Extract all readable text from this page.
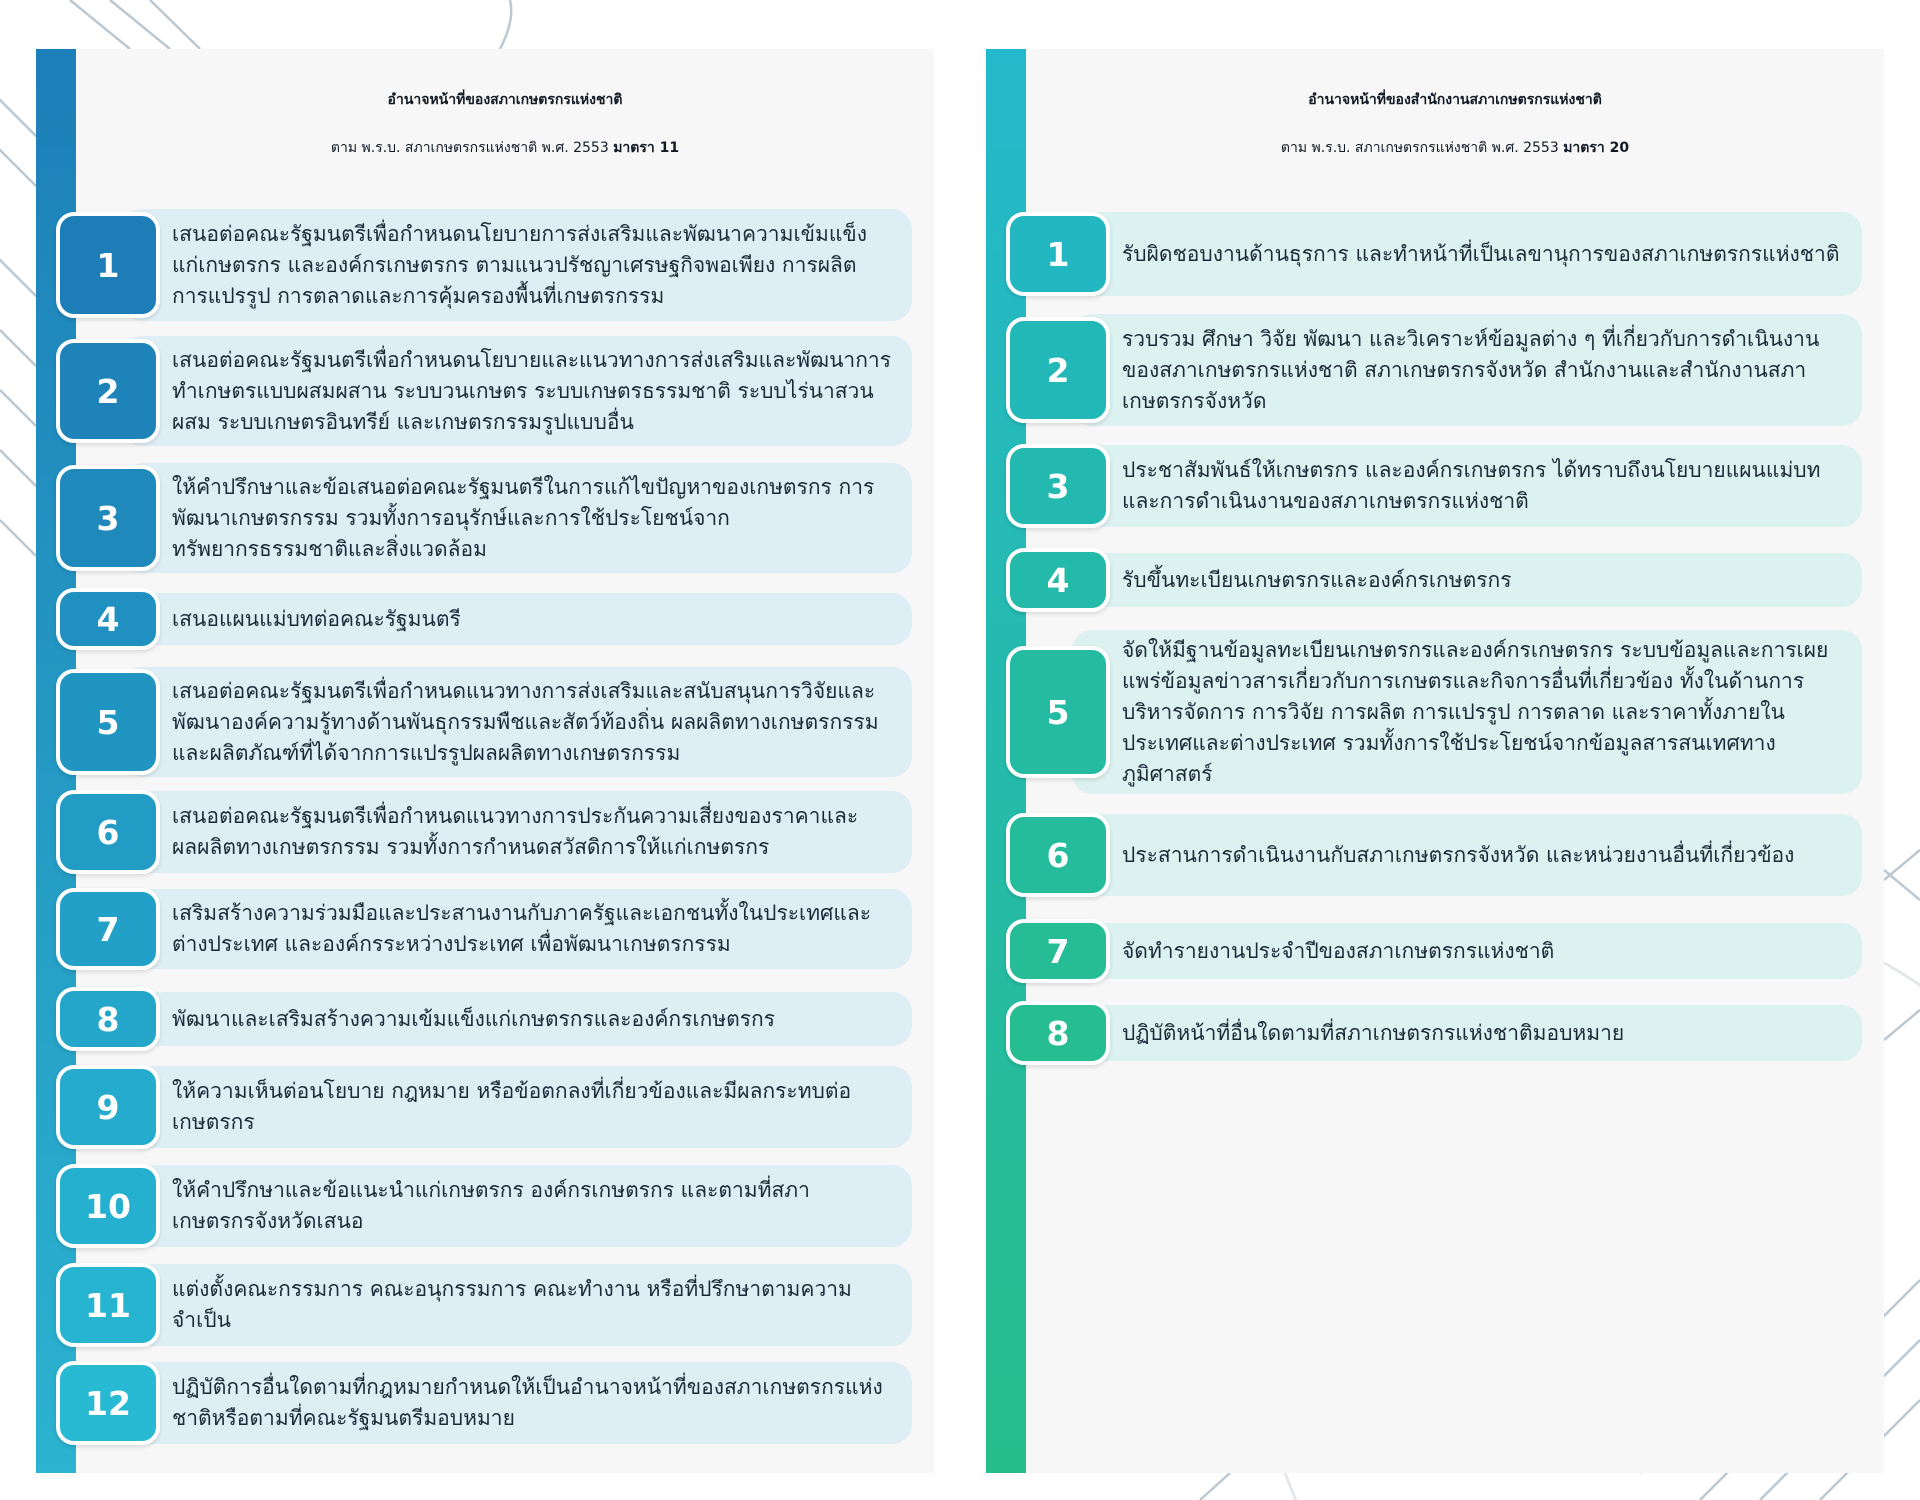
อำนาจหน้าที่ของสภาเกษตรกรแห่งชาติ
ตาม พ.ร.บ. สภาเกษตรกรแห่งชาติ พ.ศ. 2553 มาตรา 11
เสนอต่อคณะรัฐมนตรีเพื่อกำหนดนโยบายการส่งเสริมและพัฒนาความเข้มแข็งแก่เกษตรกร และองค์กรเกษตรกร ตามแนวปรัชญาเศรษฐกิจพอเพียง การผลิต การแปรรูป การตลาดและการคุ้มครองพื้นที่เกษตรกรรม
1
เสนอต่อคณะรัฐมนตรีเพื่อกำหนดนโยบายและแนวทางการส่งเสริมและพัฒนาการทำเกษตรแบบผสมผสาน ระบบวนเกษตร ระบบเกษตรธรรมชาติ ระบบไร่นาสวนผสม ระบบเกษตรอินทรีย์ และเกษตรกรรมรูปแบบอื่น
2
ให้คำปรึกษาและข้อเสนอต่อคณะรัฐมนตรีในการแก้ไขปัญหาของเกษตรกร การพัฒนาเกษตรกรรม รวมทั้งการอนุรักษ์และการใช้ประโยชน์จากทรัพยากรธรรมชาติและสิ่งแวดล้อม
3
เสนอแผนแม่บทต่อคณะรัฐมนตรี
4
เสนอต่อคณะรัฐมนตรีเพื่อกำหนดแนวทางการส่งเสริมและสนับสนุนการวิจัยและพัฒนาองค์ความรู้ทางด้านพันธุกรรมพืชและสัตว์ท้องถิ่น ผลผลิตทางเกษตรกรรม และผลิตภัณฑ์ที่ได้จากการแปรรูปผลผลิตทางเกษตรกรรม
5
เสนอต่อคณะรัฐมนตรีเพื่อกำหนดแนวทางการประกันความเสี่ยงของราคาและผลผลิตทางเกษตรกรรม รวมทั้งการกำหนดสวัสดิการให้แก่เกษตรกร
6
เสริมสร้างความร่วมมือและประสานงานกับภาครัฐและเอกชนทั้งในประเทศและต่างประเทศ และองค์กรระหว่างประเทศ เพื่อพัฒนาเกษตรกรรม
7
พัฒนาและเสริมสร้างความเข้มแข็งแก่เกษตรกรและองค์กรเกษตรกร
8
ให้ความเห็นต่อนโยบาย กฎหมาย หรือข้อตกลงที่เกี่ยวข้องและมีผลกระทบต่อเกษตรกร
9
ให้คำปรึกษาและข้อแนะนำแก่เกษตรกร องค์กรเกษตรกร และตามที่สภาเกษตรกรจังหวัดเสนอ
10
แต่งตั้งคณะกรรมการ คณะอนุกรรมการ คณะทำงาน หรือที่ปรึกษาตามความจำเป็น
11
ปฏิบัติการอื่นใดตามที่กฎหมายกำหนดให้เป็นอำนาจหน้าที่ของสภาเกษตรกรแห่งชาติหรือตามที่คณะรัฐมนตรีมอบหมาย
12
อำนาจหน้าที่ของสำนักงานสภาเกษตรกรแห่งชาติ
ตาม พ.ร.บ. สภาเกษตรกรแห่งชาติ พ.ศ. 2553 มาตรา 20
รับผิดชอบงานด้านธุรการ และทำหน้าที่เป็นเลขานุการของสภาเกษตรกรแห่งชาติ
1
รวบรวม ศึกษา วิจัย พัฒนา และวิเคราะห์ข้อมูลต่าง ๆ ที่เกี่ยวกับการดำเนินงานของสภาเกษตรกรแห่งชาติ สภาเกษตรกรจังหวัด สำนักงานและสำนักงานสภาเกษตรกรจังหวัด
2
ประชาสัมพันธ์ให้เกษตรกร และองค์กรเกษตรกร ได้ทราบถึงนโยบายแผนแม่บทและการดำเนินงานของสภาเกษตรกรแห่งชาติ
3
รับขึ้นทะเบียนเกษตรกรและองค์กรเกษตรกร
4
จัดให้มีฐานข้อมูลทะเบียนเกษตรกรและองค์กรเกษตรกร ระบบข้อมูลและการเผยแพร่ข้อมูลข่าวสารเกี่ยวกับการเกษตรและกิจการอื่นที่เกี่ยวข้อง ทั้งในด้านการบริหารจัดการ การวิจัย การผลิต การแปรรูป การตลาด และราคาทั้งภายในประเทศและต่างประเทศ รวมทั้งการใช้ประโยชน์จากข้อมูลสารสนเทศทางภูมิศาสตร์
5
ประสานการดำเนินงานกับสภาเกษตรกรจังหวัด และหน่วยงานอื่นที่เกี่ยวข้อง
6
จัดทำรายงานประจำปีของสภาเกษตรกรแห่งชาติ
7
ปฏิบัติหน้าที่อื่นใดตามที่สภาเกษตรกรแห่งชาติมอบหมาย
8
